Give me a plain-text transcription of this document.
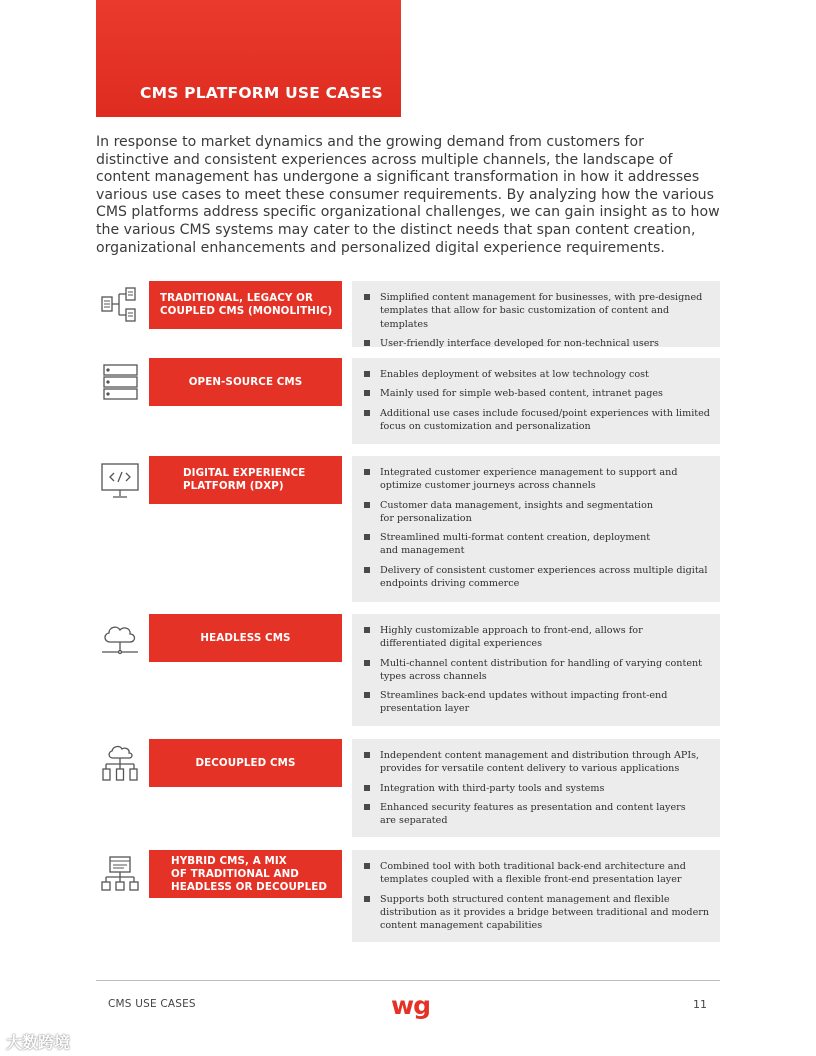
CMS PLATFORM USE CASES

In response to market dynamics and the growing demand from customers for distinctive and consistent experiences across multiple channels, the landscape of content management has undergone a significant transformation in how it addresses various use cases to meet these consumer requirements. By analyzing how the various CMS platforms address specific organizational challenges, we can gain insight as to how the various CMS systems may cater to the distinct needs that span content creation, organizational enhancements and personalized digital experience requirements.

TRADITIONAL, LEGACY OR
COUPLED CMS (MONOLITHIC)
Simplified content management for businesses, with pre-designed templates that allow for basic customization of content and templates
User-friendly interface developed for non-technical users
OPEN-SOURCE CMS
Enables deployment of websites at low technology cost
Mainly used for simple web-based content, intranet pages
Additional use cases include focused/point experiences with limited focus on customization and personalization
DIGITAL EXPERIENCE
PLATFORM (DXP)
Integrated customer experience management to support and
optimize customer journeys across channels
Customer data management, insights and segmentation
for personalization
Streamlined multi-format content creation, deployment
and management
Delivery of consistent customer experiences across multiple digital endpoints driving commerce
HEADLESS CMS
Highly customizable approach to front-end, allows for differentiated digital experiences
Multi-channel content distribution for handling of varying content types across channels
Streamlines back-end updates without impacting front-end presentation layer
DECOUPLED CMS
Independent content management and distribution through APIs, provides for versatile content delivery to various applications
Integration with third-party tools and systems
Enhanced security features as presentation and content layers
are separated
HYBRID CMS, A MIX
OF TRADITIONAL AND
HEADLESS OR DECOUPLED
Combined tool with both traditional back-end architecture and templates coupled with a flexible front-end presentation layer
Supports both structured content management and flexible distribution as it provides a bridge between traditional and modern content management capabilities
CMS USE CASES	wg	11
大数跨境
